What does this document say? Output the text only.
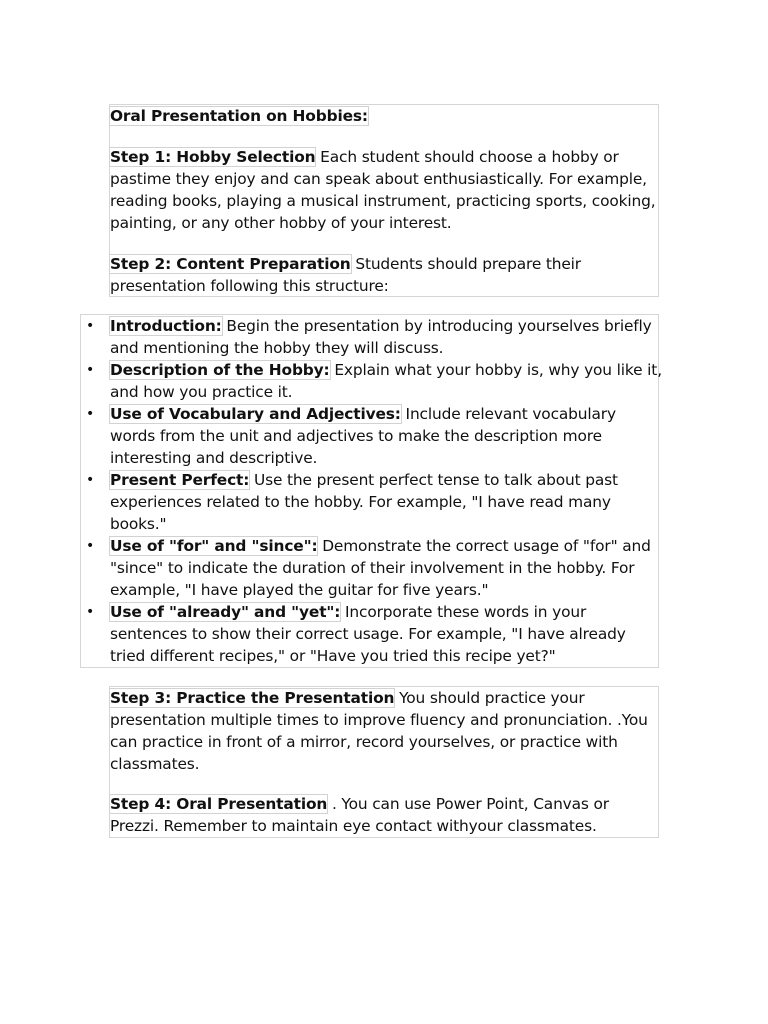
Oral Presentation on Hobbies:

Step 1: Hobby Selection Each student should choose a hobby or pastime they enjoy and can speak about enthusiastically. For example, reading books, playing a musical instrument, practicing sports, cooking, painting, or any other hobby of your interest.

Step 2: Content Preparation Students should prepare their presentation following this structure:

• Introduction: Begin the presentation by introducing yourselves briefly and mentioning the hobby they will discuss.
• Description of the Hobby: Explain what your hobby is, why you like it, and how you practice it.
• Use of Vocabulary and Adjectives: Include relevant vocabulary words from the unit and adjectives to make the description more interesting and descriptive.
• Present Perfect: Use the present perfect tense to talk about past experiences related to the hobby. For example, "I have read many books."
• Use of "for" and "since": Demonstrate the correct usage of "for" and "since" to indicate the duration of their involvement in the hobby. For example, "I have played the guitar for five years."
• Use of "already" and "yet": Incorporate these words in your sentences to show their correct usage. For example, "I have already tried different recipes," or "Have you tried this recipe yet?"

Step 3: Practice the Presentation You should practice your presentation multiple times to improve fluency and pronunciation. .You can practice in front of a mirror, record yourselves, or practice with classmates.

Step 4: Oral Presentation . You can use Power Point, Canvas or Prezzi. Remember to maintain eye contact withyour classmates.
